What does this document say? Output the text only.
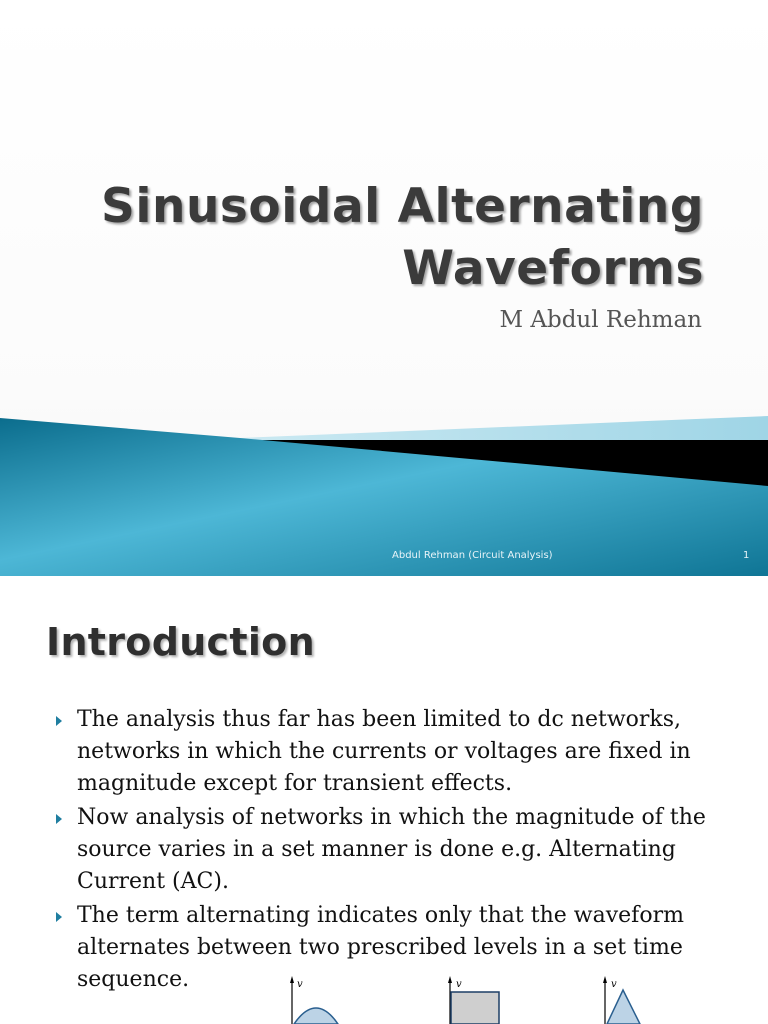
Sinusoidal Alternating
Waveforms
M Abdul Rehman
Abdul Rehman (Circuit Analysis)	1
Introduction
The analysis thus far has been limited to dc networks, networks in which the currents or voltages are fixed in magnitude except for transient effects.
Now analysis of networks in which the magnitude of the source varies in a set manner is done e.g. Alternating Current (AC).
The term alternating indicates only that the waveform alternates between two prescribed levels in a set time sequence.	v	v	v
